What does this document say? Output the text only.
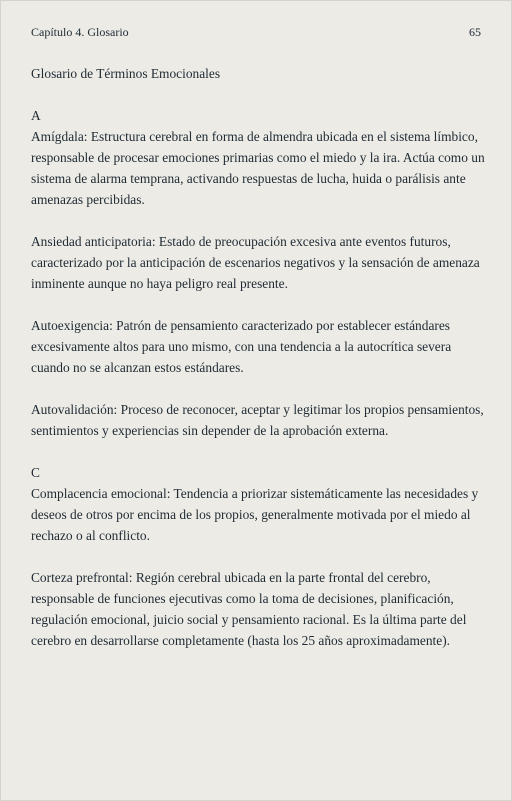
Capítulo 4. Glosario	65

Glosario de Términos Emocionales

A

Amígdala: Estructura cerebral en forma de almendra ubicada en el sistema límbico, responsable de procesar emociones primarias como el miedo y la ira. Actúa como un sistema de alarma temprana, activando respuestas de lucha, huida o parálisis ante amenazas percibidas.

Ansiedad anticipatoria: Estado de preocupación excesiva ante eventos futuros, caracterizado por la anticipación de escenarios negativos y la sensación de amenaza inminente aunque no haya peligro real presente.

Autoexigencia: Patrón de pensamiento caracterizado por establecer estándares excesivamente altos para uno mismo, con una tendencia a la autocrítica severa cuando no se alcanzan estos estándares.

Autovalidación: Proceso de reconocer, aceptar y legitimar los propios pensamientos, sentimientos y experiencias sin depender de la aprobación externa.

C

Complacencia emocional: Tendencia a priorizar sistemáticamente las necesidades y deseos de otros por encima de los propios, generalmente motivada por el miedo al rechazo o al conflicto.

Corteza prefrontal: Región cerebral ubicada en la parte frontal del cerebro, responsable de funciones ejecutivas como la toma de decisiones, planificación, regulación emocional, juicio social y pensamiento racional. Es la última parte del cerebro en desarrollarse completamente (hasta los 25 años aproximadamente).
